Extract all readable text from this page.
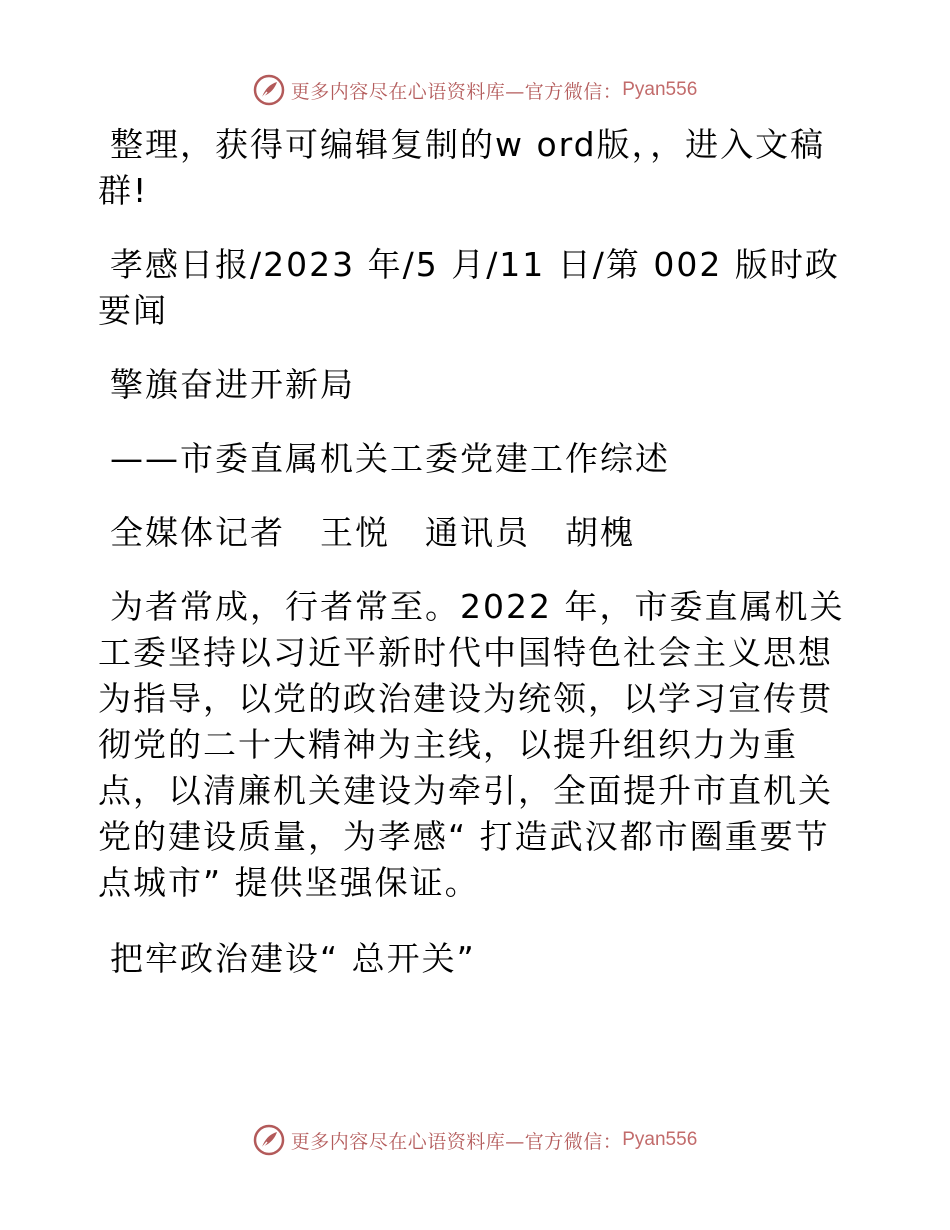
更多内容尽在心语资料库—官方微信： Pyan556

整理，获得可编辑复制的w ord版，，进入文稿群!

孝感日报/2023 年/5 月/11 日/第 002 版时政要闻

擎旗奋进开新局

——市委直属机关工委党建工作综述

全媒体记者　王悦　通讯员　胡槐

为者常成，行者常至。2022 年，市委直属机关工委坚持以习近平新时代中国特色社会主义思想为指导，以党的政治建设为统领，以学习宣传贯彻党的二十大精神为主线，以提升组织力为重点，以清廉机关建设为牵引，全面提升市直机关党的建设质量，为孝感“ 打造武汉都市圈重要节点城市” 提供坚强保证。

把牢政治建设“ 总开关”

更多内容尽在心语资料库—官方微信： Pyan556
